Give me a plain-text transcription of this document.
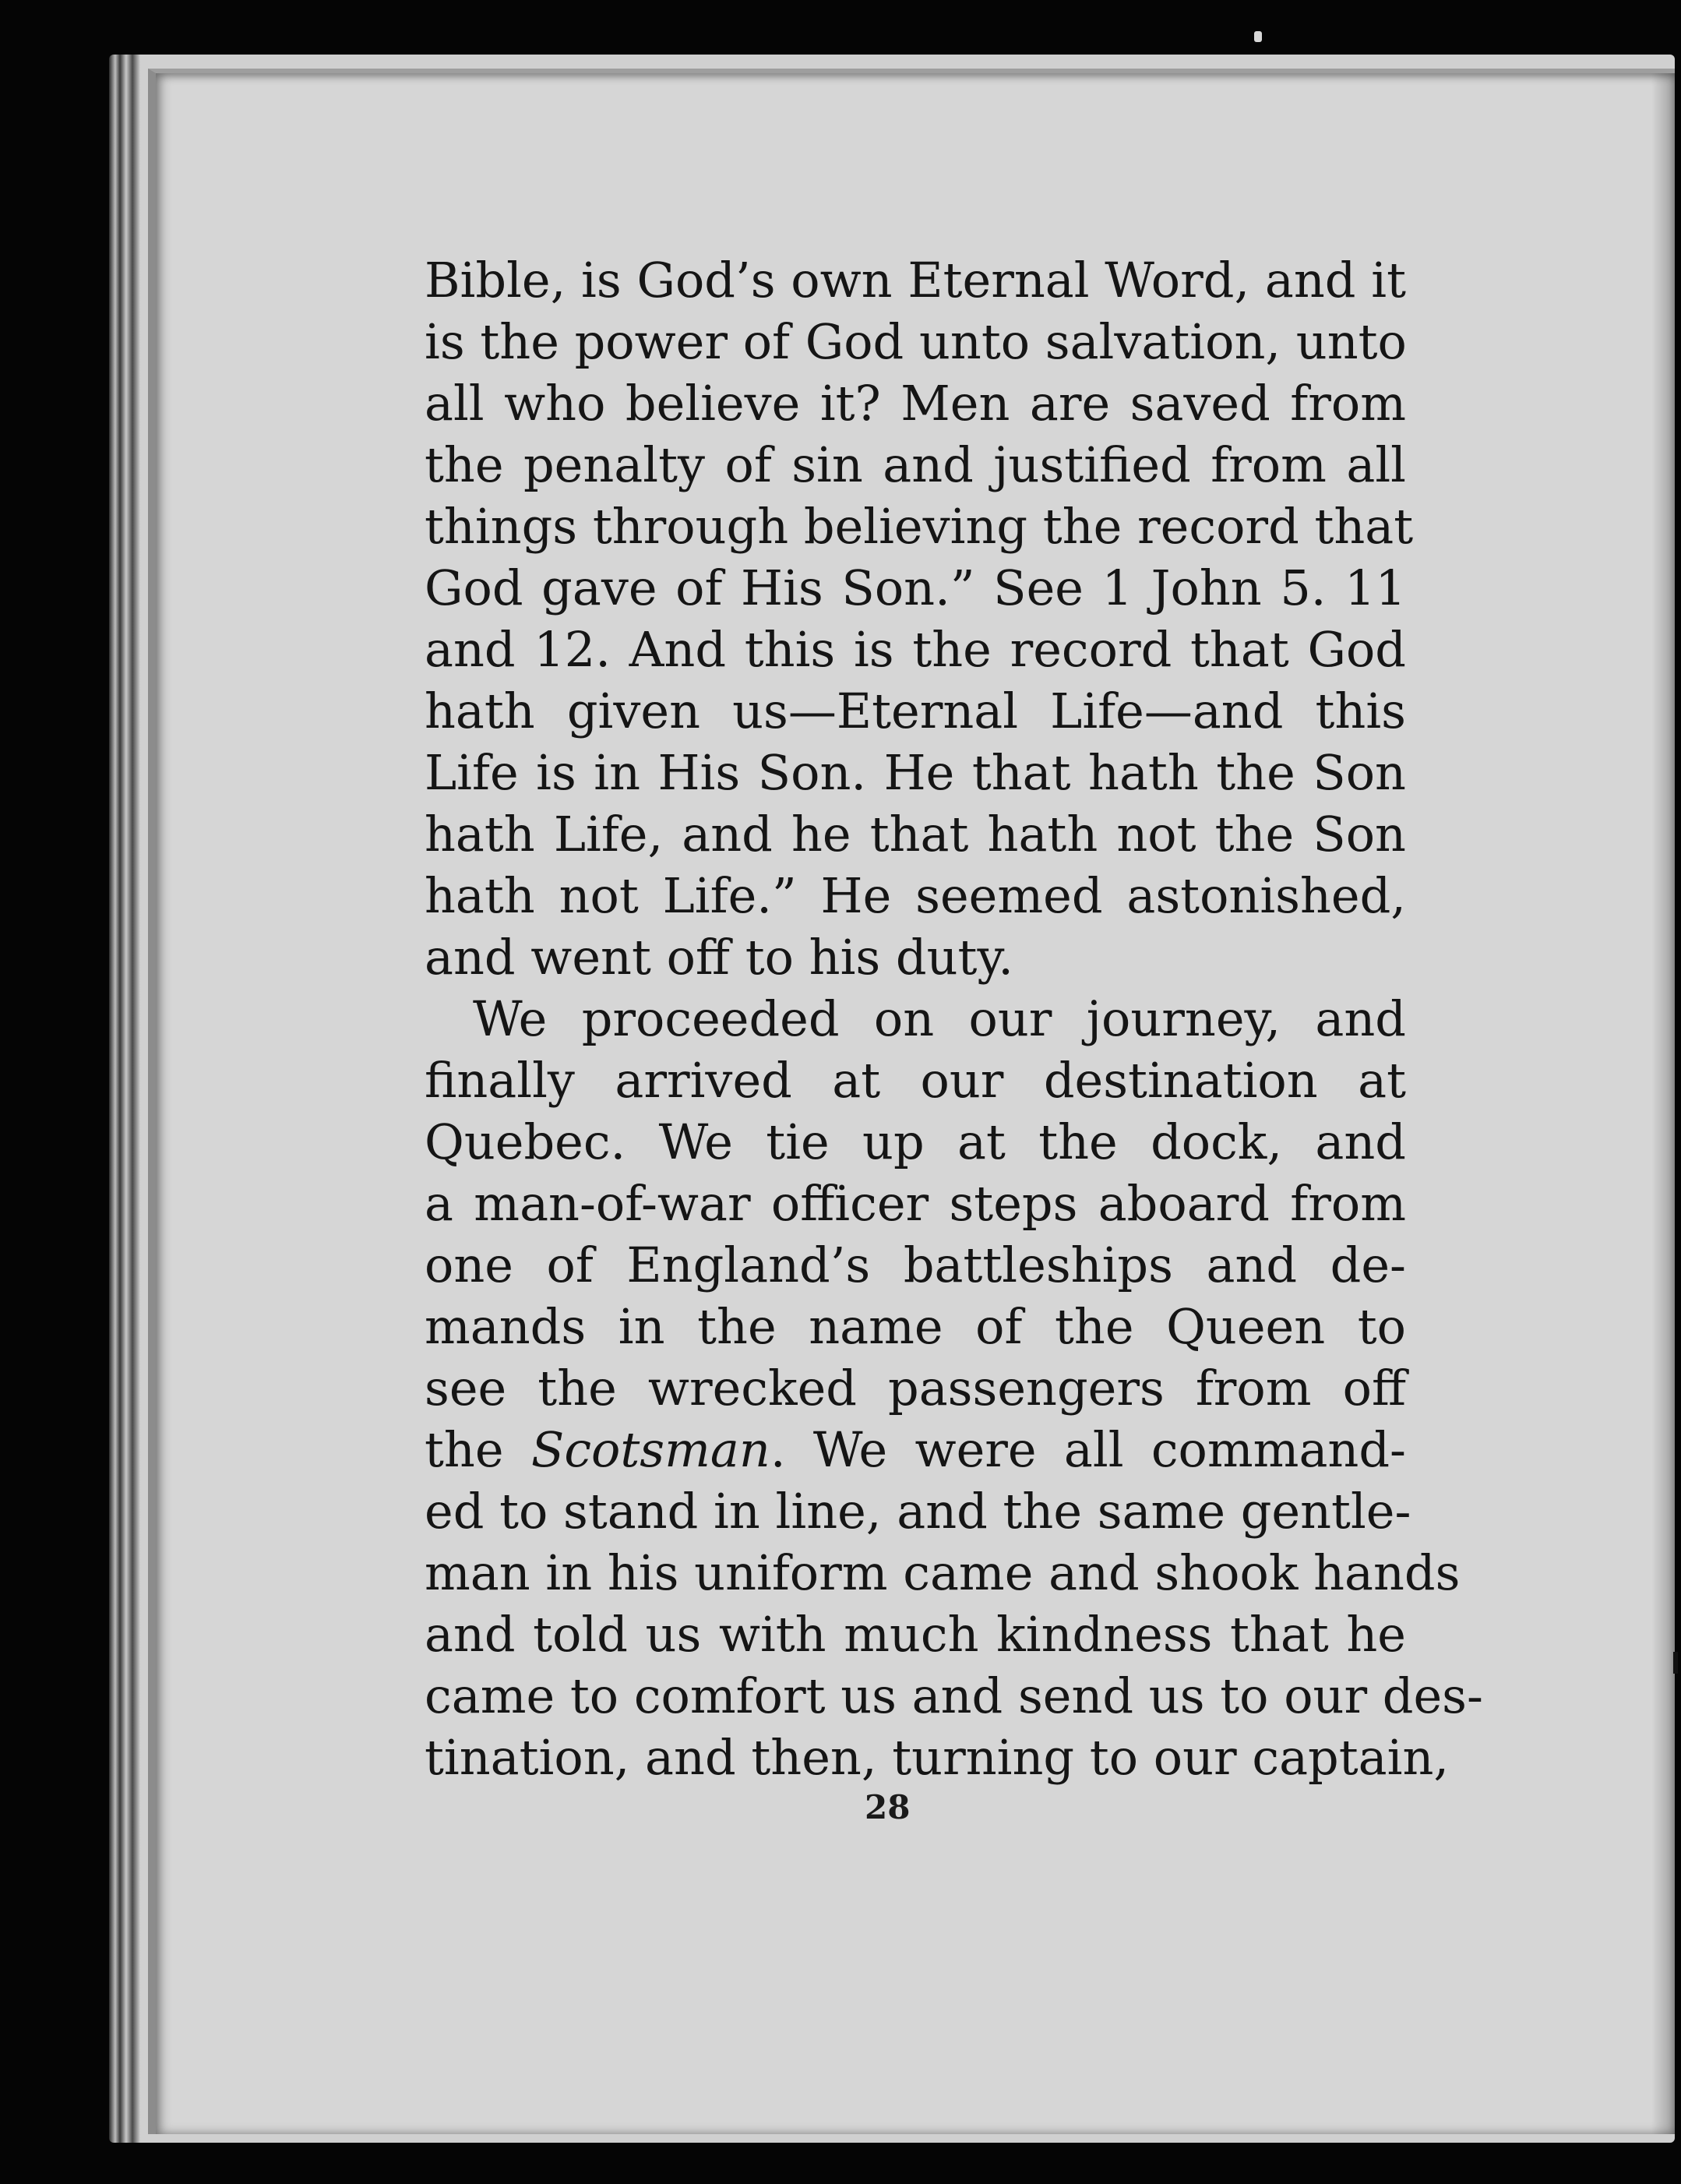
Bible, is God’s own Eternal Word, and it
is the power of God unto salvation, unto
all who believe it? Men are saved from
the penalty of sin and justified from all
things through believing the record that
God gave of His Son.” See 1 John 5. 11
and 12. And this is the record that God
hath given us—Eternal Life—and this
Life is in His Son. He that hath the Son
hath Life, and he that hath not the Son
hath not Life.” He seemed astonished,
and went off to his duty.
We proceeded on our journey, and
finally arrived at our destination at
Quebec. We tie up at the dock, and
a man-of-war officer steps aboard from
one of England’s battleships and de-
mands in the name of the Queen to
see the wrecked passengers from off
the Scotsman. We were all command-
ed to stand in line, and the same gentle-
man in his uniform came and shook hands
and told us with much kindness that he
came to comfort us and send us to our des-
tination, and then, turning to our captain,
28
